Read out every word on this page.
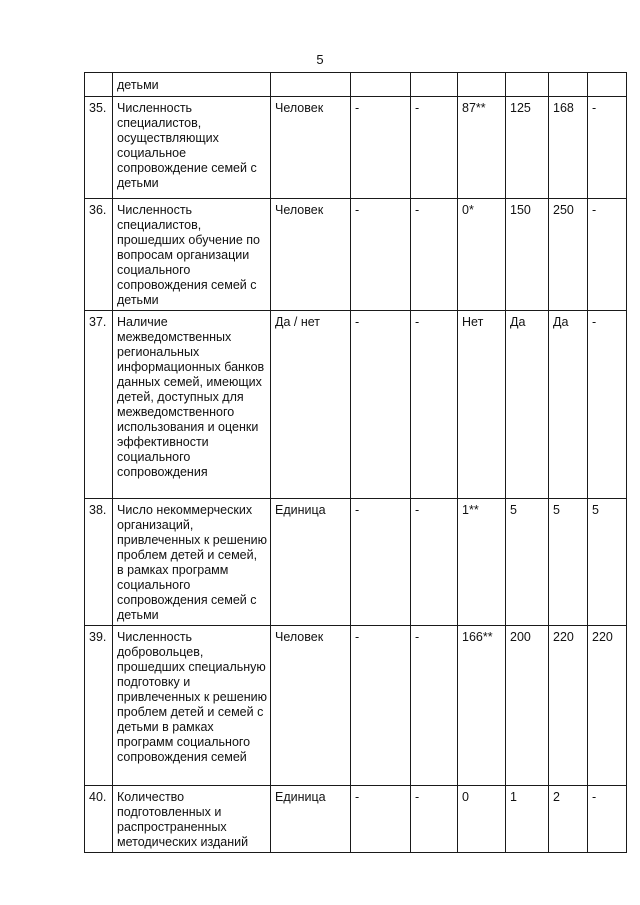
5

	детьми							

35.	Численность специалистов, осуществляющих социальное сопровождение семей с детьми	Человек	-	-	87**	125	168	-
36.	Численность специалистов, прошедших обучение по вопросам организации социального сопровождения семей с детьми	Человек	-	-	0*	150	250	-
37.	Наличие межведомственных региональных информационных банков данных семей, имеющих детей, доступных для межведомственного использования и оценки эффективности социального сопровождения	Да / нет	-	-	Нет	Да	Да	-
38.	Число некоммерческих организаций, привлеченных к решению проблем детей и семей, в рамках программ социального сопровождения семей с детьми	Единица	-	-	1**	5	5	5
39.	Численность добровольцев, прошедших специальную подготовку и привлеченных к решению проблем детей и семей с детьми в рамках программ социального сопровождения семей	Человек	-	-	166**	200	220	220
40.	Количество подготовленных и распространенных методических изданий	Единица	-	-	0	1	2	-
